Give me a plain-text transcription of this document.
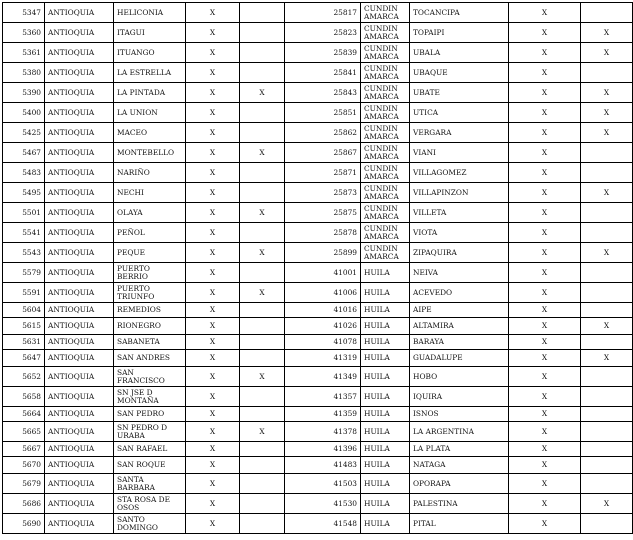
5347	ANTIOQUIA	HELICONIA	X		25817	CUNDIN AMARCA	TOCANCIPA	X	
5360	ANTIOQUIA	ITAGUI	X		25823	CUNDIN AMARCA	TOPAIPI	X	X
5361	ANTIOQUIA	ITUANGO	X		25839	CUNDIN AMARCA	UBALA	X	X
5380	ANTIOQUIA	LA ESTRELLA	X		25841	CUNDIN AMARCA	UBAQUE	X	
5390	ANTIOQUIA	LA PINTADA	X	X	25843	CUNDIN AMARCA	UBATE	X	X
5400	ANTIOQUIA	LA UNION	X		25851	CUNDIN AMARCA	UTICA	X	X
5425	ANTIOQUIA	MACEO	X		25862	CUNDIN AMARCA	VERGARA	X	X
5467	ANTIOQUIA	MONTEBELLO	X	X	25867	CUNDIN AMARCA	VIANI	X	
5483	ANTIOQUIA	NARIÑO	X		25871	CUNDIN AMARCA	VILLAGOMEZ	X	
5495	ANTIOQUIA	NECHI	X		25873	CUNDIN AMARCA	VILLAPINZON	X	X
5501	ANTIOQUIA	OLAYA	X	X	25875	CUNDIN AMARCA	VILLETA	X	
5541	ANTIOQUIA	PEÑOL	X		25878	CUNDIN AMARCA	VIOTA	X	
5543	ANTIOQUIA	PEQUE	X	X	25899	CUNDIN AMARCA	ZIPAQUIRA	X	X
5579	ANTIOQUIA	PUERTO BERRIO	X		41001	HUILA	NEIVA	X	
5591	ANTIOQUIA	PUERTO TRIUNFO	X	X	41006	HUILA	ACEVEDO	X	
5604	ANTIOQUIA	REMEDIOS	X		41016	HUILA	AIPE	X	
5615	ANTIOQUIA	RIONEGRO	X		41026	HUILA	ALTAMIRA	X	X
5631	ANTIOQUIA	SABANETA	X		41078	HUILA	BARAYA	X	
5647	ANTIOQUIA	SAN ANDRES	X		41319	HUILA	GUADALUPE	X	X
5652	ANTIOQUIA	SAN FRANCISCO	X	X	41349	HUILA	HOBO	X	
5658	ANTIOQUIA	SN JSE D MONTAÑA	X		41357	HUILA	IQUIRA	X	
5664	ANTIOQUIA	SAN PEDRO	X		41359	HUILA	ISNOS	X	
5665	ANTIOQUIA	SN PEDRO D URABA	X	X	41378	HUILA	LA ARGENTINA	X	
5667	ANTIOQUIA	SAN RAFAEL	X		41396	HUILA	LA PLATA	X	
5670	ANTIOQUIA	SAN ROQUE	X		41483	HUILA	NATAGA	X	
5679	ANTIOQUIA	SANTA BARBARA	X		41503	HUILA	OPORAPA	X	
5686	ANTIOQUIA	STA ROSA DE OSOS	X		41530	HUILA	PALESTINA	X	X
5690	ANTIOQUIA	SANTO DOMINGO	X		41548	HUILA	PITAL	X	
